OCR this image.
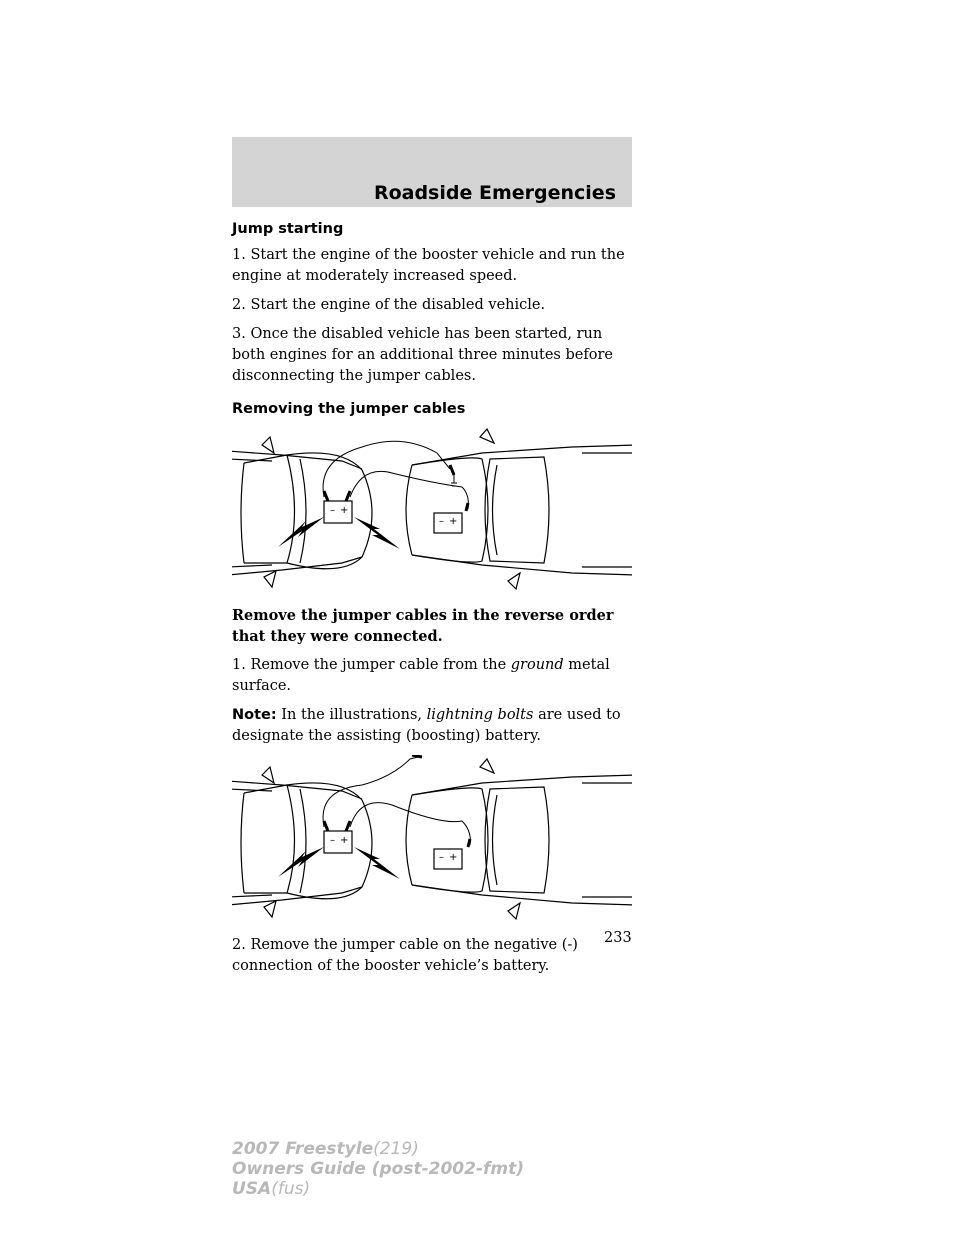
Roadside Emergencies
Jump starting

1. Start the engine of the booster vehicle and run the engine at moderately increased speed.

2. Start the engine of the disabled vehicle.

3. Once the disabled vehicle has been started, run both engines for an additional three minutes before disconnecting the jumper cables.

Removing the jumper cables
– +
– +

Remove the jumper cables in the reverse order that they were connected.

1. Remove the jumper cable from the ground metal surface.

Note: In the illustrations, lightning bolts are used to designate the assisting (boosting) battery.

– +
– +

2. Remove the jumper cable on the negative (-) connection of the booster vehicle’s battery.

233
2007 Freestyle(219)
Owners Guide (post-2002-fmt)
USA(fus)
